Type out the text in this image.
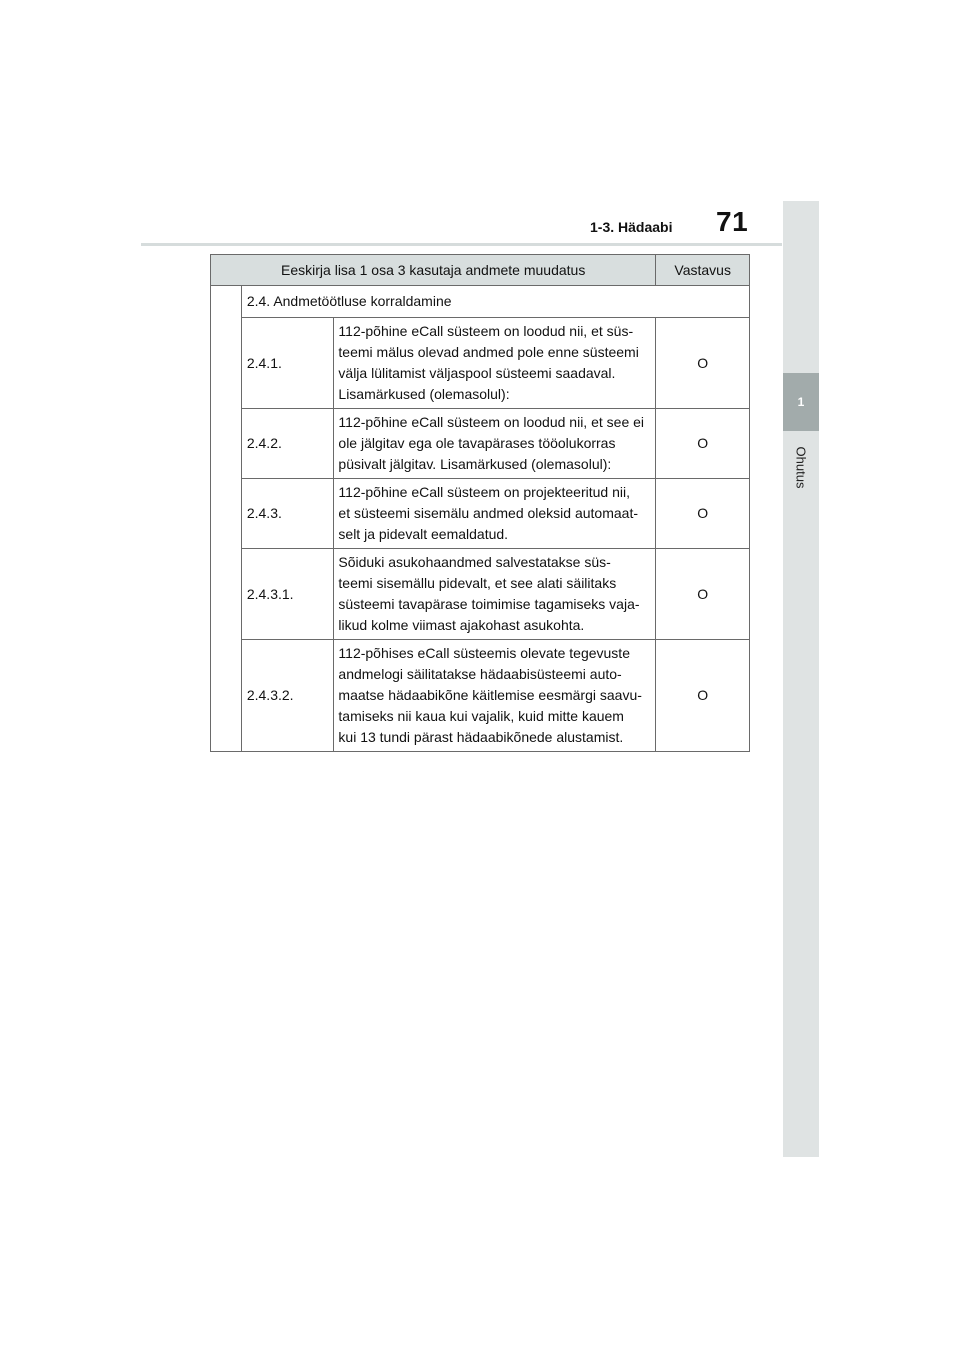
1-3. Hädaabi 71
1
Ohutus
Eeskirja lisa 1 osa 3 kasutaja andmete muudatus			Vastavus
	2.4. Andmetöötluse korraldamine		
	2.4.1.	112-põhine eCall süsteem on loodud nii, et süs-
teemi mälus olevad andmed pole enne süsteemi
välja lülitamist väljaspool süsteemi saadaval.
Lisamärkused (olemasolul):	O
	2.4.2.	112-põhine eCall süsteem on loodud nii, et see ei
ole jälgitav ega ole tavapärases tööolukorras
püsivalt jälgitav. Lisamärkused (olemasolul):	O
	2.4.3.	112-põhine eCall süsteem on projekteeritud nii,
et süsteemi sisemälu andmed oleksid automaat-
selt ja pidevalt eemaldatud.	O
	2.4.3.1.	Sõiduki asukohaandmed salvestatakse süs-
teemi sisemällu pidevalt, et see alati säilitaks
süsteemi tavapärase toimimise tagamiseks vaja-
likud kolme viimast ajakohast asukohta.	O
	2.4.3.2.	112-põhises eCall süsteemis olevate tegevuste
andmelogi säilitatakse hädaabisüsteemi auto-
maatse hädaabikõne käitlemise eesmärgi saavu-
tamiseks nii kaua kui vajalik, kuid mitte kauem
kui 13 tundi pärast hädaabikõnede alustamist.	O
